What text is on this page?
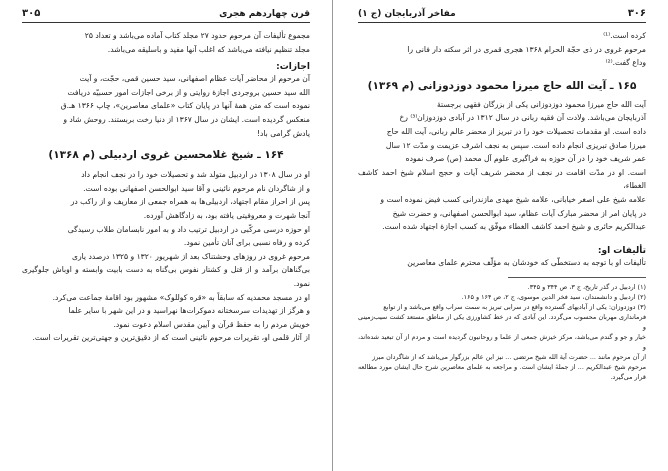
قرن چهاردهم هجری
۳۰۵

مجموع تألیفات آن مرحوم حدود ۲۷ مجلد کتاب آماده می‌باشد و تعداد ۲۵

مجلد تنظیم نیافته می‌باشد که اغلب آنها مفید و باسلیقه می‌باشد.

اجازات:

آن مرحوم از محاضر آیات عظام اصفهانی، سید حسین قمی، حجّت، و آیت

الله سید حسین بروجردی اجازهٔ روایتی و از برخی اجازات امور حسبیّه دریافت

نموده است که متن همهٔ آنها در پایان کتاب «علمای معاصرین»، چاپ ۱۳۶۶ هـ.ق

منعکس گردیده است. ایشان در سال ۱۳۶۷ از دنیا رخت بربستند. روحش شاد و

یادش گرامی باد!

۱۶۴ ـ شیخ غلامحسین غروی اردبیلی (م ۱۳۶۸)

او در سال ۱۳۰۸ در اردبیل متولد شد و تحصیلات خود را در نجف انجام داد

و از شاگردان نام مرحوم نائینی و آقا سید ابوالحسن اصفهانی بوده است.

پس از احراز مقام اجتهاد، اردبیلی‌ها به همراه جمعی از معاریف و از راکب در

آنجا شهرت و معروفیتی یافته بود، به زادگاهش آورده.

او حوزه درسی مرکّبی در اردبیل ترتیب داد و به امور نابسامان طلاب رسیدگی

کرده و رفاه نسبی برای آنان تأمین نمود.

مرحوم غروی در روزهای وحشتناک بعد از شهریور ۱۳۲۰ و ۱۳۲۵ درصدد یاری

بی‌گناهان برآمد و از قتل و کشتار نفوس بی‌گناه به دست بابیت وابسته و اوباش جلوگیری نمود.

او در مسجد محمدیه که سابقاً به «قره کوللوک» مشهور بود اقامهٔ جماعت می‌کرد.

و هرگز از تهدیدات سرسختانه دموکرات‌ها نهراسید و در این شهر با سایر علما

خویش مردم را به حفظ قرآن و آیین مقدس اسلام دعوت نمود.

از آثار قلمی او، تقریرات مرحوم نائینی است که از دقیق‌ترین و جهتی‌ترین تقریرات است.

۳۰۶
مفاخر آذربایجان (ج ۱)

کرده است.⁽¹⁾

مرحوم غروی در ذی حجّة الحرام ۱۳۶۸ هجری قمری در اثر سکته دار فانی را

وداع گفت.⁽²⁾

۱۶۵ ـ آیت الله حاج میرزا محمود دوزدوزانی (م ۱۳۶۹)

آیت الله حاج میرزا محمود دوزدوزانی یکی از بزرگان فقهی برجستهٔ

آذربایجان می‌باشد. ولادت آن فقیه ربانی در سال ۱۳۱۲ در آبادی دوزدوزان⁽³⁾ رخ

داده است. او مقدمات تحصیلات خود را در تبریز از محضر عالم ربانی، آیت الله حاج

میرزا صادق تبریزی انجام داده است. سپس به نجف اشرف عزیمت و مدّت ۱۲ سال

عمر شریف خود را در آن حوزه به فراگیری علوم آل محمد (ص) صرف نموده

است. او در مدّت اقامت در نجف از محضر شریف آیات و حجج اسلام شیخ احمد کاشف الغطاء،

علامه شیخ علی اصغر خیابانی، علامه شیخ مهدی مازندرانی کسب فیض نموده است و

در پایان امر از محضر مبارک آیات عظام، سید ابوالحسن اصفهانی، و حضرت شیخ

عبدالکریم حائری و شیخ احمد کاشف الغطاء موفّق به کسب اجازهٔ اجتهاد شده است.

تألیفات او:
تألیفات او با توجه به دستخطّی که خودشان به مؤلّف محترم علمای معاصرین

(۱) اردبیل در گذر تاریخ، ج ۳، ص ۳۴۴ و ۳۴۵.

(۲) اردبیل و دانشمندان، سید فخر الدین موسوی، ج ۲، ص ۱۶۴ و ۱۶۵.

(۳) دوزدوزان: یکی از آبادیهای گسترده واقع در سرابی تبریز به سمت سراب واقع می‌باشد و از توابع

فرمانداری مهربان محسوب می‌گردد. این آبادی که در خط کشاورزی یکی از مناطق مستعد کشت سیب‌زمینی و

خیار و جو و گندم می‌باشد، مرکز خیزش جمعی از علما و روحانیون گردیده است و مردم از آن تبعید شده‌اند، و

از آن مرحوم مانند ... حضرت آیة الله شیخ مرتضی ... نیز این عالم بزرگوار می‌باشد که از شاگردان مبرز

مرحوم شیخ عبدالکریم ... از جملهٔ ایشان است. و مراجعه به علمای معاصرین شرح حال ایشان مورد مطالعه قرار می‌گیرد.
